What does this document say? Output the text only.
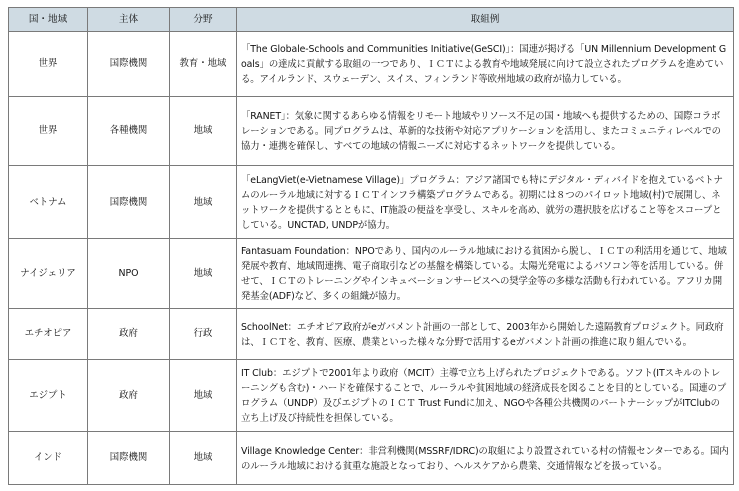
国・地域	主体	分野	取組例
世界	国際機関	教育・地域	「The Globale-Schools and Communities Initiative(GeSCI)」：国連が掲げる「UN Millennium Development Goals」の達成に貢献する取組の一つであり、ＩＣＴによる教育や地域発展に向けて設立されたプログラムを進めている。アイルランド、スウェーデン、スイス、フィンランド等欧州地域の政府が協力している。
世界	各種機関	地域	「RANET」：気象に関するあらゆる情報をリモート地域やリソース不足の国・地域へも提供するための、国際コラボレーションである。同プログラムは、革新的な技術や対応アプリケーションを活用し、またコミュニティレベルでの協力・連携を確保し、すべての地域の情報ニーズに対応するネットワークを提供している。
ベトナム	国際機関	地域	「eLangViet(e-Vietnamese Village)」プログラム：アジア諸国でも特にデジタル・ディバイドを抱えているベトナムのルーラル地域に対するＩＣＴインフラ構築プログラムである。初期には８つのパイロット地域(村)で展開し、ネットワークを提供するとともに、IT施設の便益を享受し、スキルを高め、就労の選択肢を広げること等をスコープとしている。UNCTAD, UNDPが協力。
ナイジェリア	NPO	地域	Fantasuam Foundation：NPOであり、国内のルーラル地域における貧困から脱し、ＩＣＴの利活用を通じて、地域発展や教育、地域間連携、電子商取引などの基盤を構築している。太陽光発電によるパソコン等を活用している。併せて、ＩＣＴのトレーニングやインキュベーションサービスへの奨学金等の多様な活動も行われている。アフリカ開発基金(ADF)など、多くの組織が協力。
エチオピア	政府	行政	SchoolNet：エチオピア政府がeガバメント計画の一部として、2003年から開始した遠隔教育プロジェクト。同政府は、ＩＣＴを、教育、医療、農業といった様々な分野で活用するeガバメント計画の推進に取り組んでいる。
エジプト	政府	地域	IT Club：エジプトで2001年より政府（MCIT）主導で立ち上げられたプロジェクトである。ソフト(ITスキルのトレーニングも含む)・ハードを確保することで、ルーラルや貧困地域の経済成長を図ることを目的としている。国連のプログラム（UNDP）及びエジプトのＩＣＴ Trust Fundに加え、NGOや各種公共機関のパートナーシップがITClubの立ち上げ及び持続性を担保している。
インド	国際機関	地域	Village Knowledge Center：非営利機関(MSSRF/IDRC)の取組により設置されている村の情報センターである。国内のルーラル地域における貧重な施設となっており、ヘルスケアから農業、交通情報などを扱っている。
